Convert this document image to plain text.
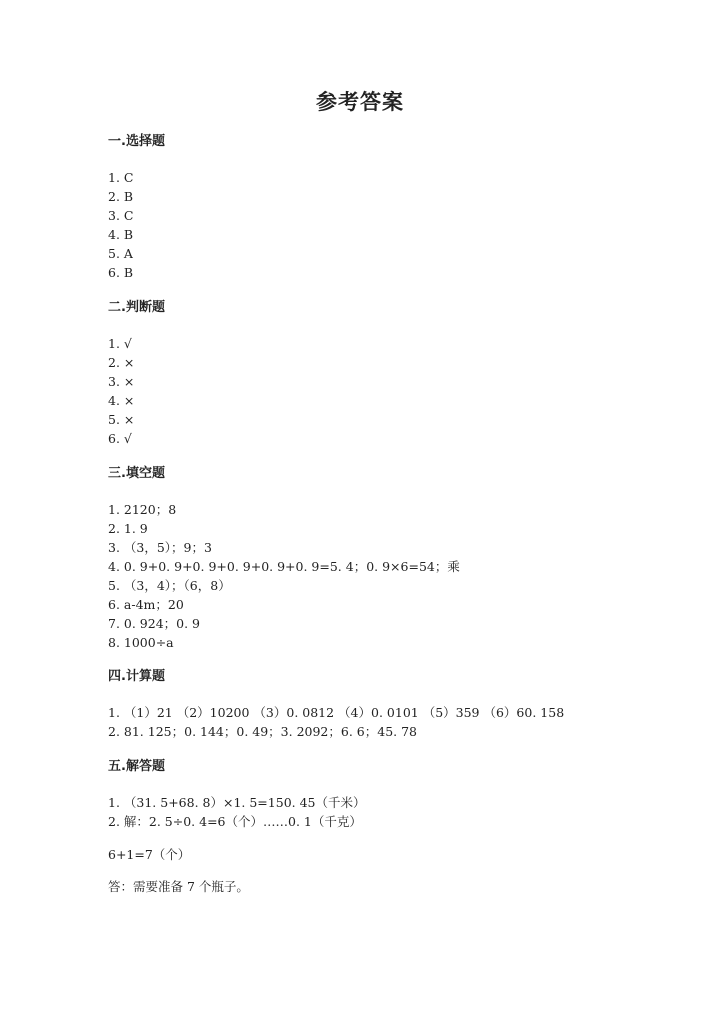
参考答案
一.选择题
1. C
2. B
3. C
4. B
5. A
6. B
二.判断题
1. √
2. ×
3. ×
4. ×
5. ×
6. √
三.填空题
1. 2120；8
2. 1. 9
3. （3，5）；9；3
4. 0. 9+0. 9+0. 9+0. 9+0. 9+0. 9=5. 4；0. 9×6=54；乘
5. （3，4）；（6，8）
6. a-4m；20
7. 0. 924；0. 9
8. 1000÷a
四.计算题
1. （1）21 （2）10200 （3）0. 0812 （4）0. 0101 （5）359 （6）60. 158
2. 81. 125；0. 144；0. 49；3. 2092；6. 6；45. 78
五.解答题
1. （31. 5+68. 8）×1. 5=150. 45（千米）
2. 解：2. 5÷0. 4=6（个）……0. 1（千克）

6+1=7（个）

答：需要准备 7 个瓶子。
